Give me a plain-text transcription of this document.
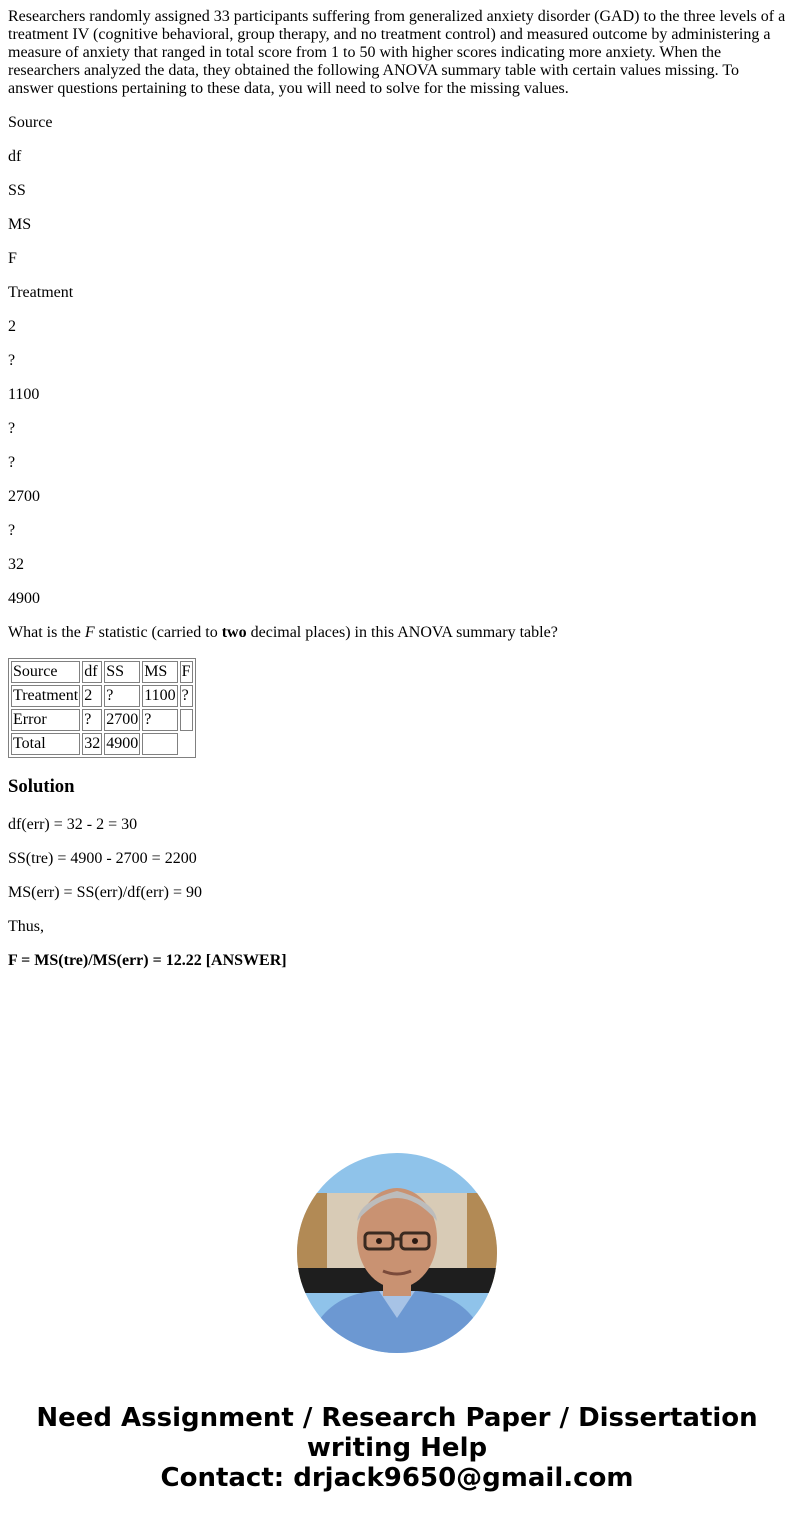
Researchers randomly assigned 33 participants suffering from generalized anxiety disorder (GAD) to the three levels of a treatment IV (cognitive behavioral, group therapy, and no treatment control) and measured outcome by administering a measure of anxiety that ranged in total score from 1 to 50 with higher scores indicating more anxiety. When the researchers analyzed the data, they obtained the following ANOVA summary table with certain values missing. To answer questions pertaining to these data, you will need to solve for the missing values.

Source

df

SS

MS

F

Treatment

2

?

1100

?

?

2700

?

32

4900

What is the F statistic (carried to two decimal places) in this ANOVA summary table?

Source	df	SS	MS	F
Treatment	2	?	1100	?
Error	?	2700	?	
Total	32	4900		
Solution

df(err) = 32 - 2 = 30

SS(tre) = 4900 - 2700 = 2200

MS(err) = SS(err)/df(err) = 90

Thus,

F = MS(tre)/MS(err) = 12.22 [ANSWER]

Need Assignment / Research Paper / Dissertation
writing Help
Contact: drjack9650@gmail.com
